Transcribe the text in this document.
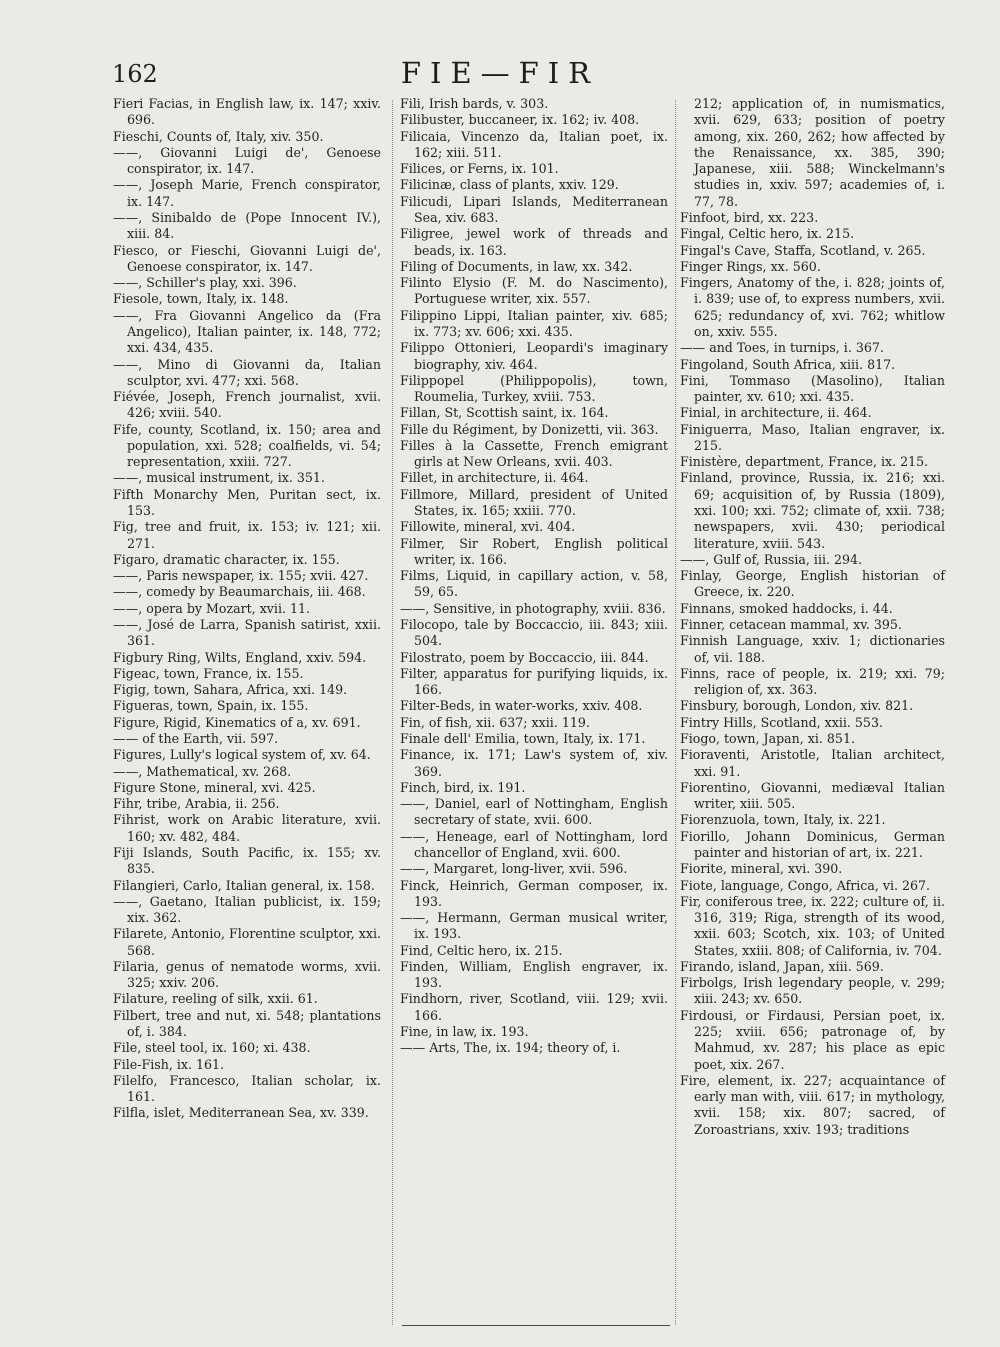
162	FIE—FIR

Fieri Facias, in English law, ix. 147; xxiv. 696.

Fieschi, Counts of, Italy, xiv. 350.

——, Giovanni Luigi de', Genoese conspirator, ix. 147.

——, Joseph Marie, French conspirator, ix. 147.

——, Sinibaldo de (Pope Innocent IV.), xiii. 84.

Fiesco, or Fieschi, Giovanni Luigi de', Genoese conspirator, ix. 147.

——, Schiller's play, xxi. 396.

Fiesole, town, Italy, ix. 148.

——, Fra Giovanni Angelico da (Fra Angelico), Italian painter, ix. 148, 772; xxi. 434, 435.

——, Mino di Giovanni da, Italian sculptor, xvi. 477; xxi. 568.

Fiévée, Joseph, French journalist, xvii. 426; xviii. 540.

Fife, county, Scotland, ix. 150; area and population, xxi. 528; coalfields, vi. 54; representation, xxiii. 727.

——, musical instrument, ix. 351.

Fifth Monarchy Men, Puritan sect, ix. 153.

Fig, tree and fruit, ix. 153; iv. 121; xii. 271.

Figaro, dramatic character, ix. 155.

——, Paris newspaper, ix. 155; xvii. 427.

——, comedy by Beaumarchais, iii. 468.

——, opera by Mozart, xvii. 11.

——, José de Larra, Spanish satirist, xxii. 361.

Figbury Ring, Wilts, England, xxiv. 594.

Figeac, town, France, ix. 155.

Figig, town, Sahara, Africa, xxi. 149.

Figueras, town, Spain, ix. 155.

Figure, Rigid, Kinematics of a, xv. 691.

—— of the Earth, vii. 597.

Figures, Lully's logical system of, xv. 64.

——, Mathematical, xv. 268.

Figure Stone, mineral, xvi. 425.

Fihr, tribe, Arabia, ii. 256.

Fihrist, work on Arabic literature, xvii. 160; xv. 482, 484.

Fiji Islands, South Pacific, ix. 155; xv. 835.

Filangieri, Carlo, Italian general, ix. 158.

——, Gaetano, Italian publicist, ix. 159; xix. 362.

Filarete, Antonio, Florentine sculptor, xxi. 568.

Filaria, genus of nematode worms, xvii. 325; xxiv. 206.

Filature, reeling of silk, xxii. 61.

Filbert, tree and nut, xi. 548; plantations of, i. 384.

File, steel tool, ix. 160; xi. 438.

File-Fish, ix. 161.

Filelfo, Francesco, Italian scholar, ix. 161.

Filfla, islet, Mediterranean Sea, xv. 339.

Fili, Irish bards, v. 303.

Filibuster, buccaneer, ix. 162; iv. 408.

Filicaia, Vincenzo da, Italian poet, ix. 162; xiii. 511.

Filices, or Ferns, ix. 101.

Filicinæ, class of plants, xxiv. 129.

Filicudi, Lipari Islands, Mediterranean Sea, xiv. 683.

Filigree, jewel work of threads and beads, ix. 163.

Filing of Documents, in law, xx. 342.

Filinto Elysio (F. M. do Nascimento), Portuguese writer, xix. 557.

Filippino Lippi, Italian painter, xiv. 685; ix. 773; xv. 606; xxi. 435.

Filippo Ottonieri, Leopardi's imaginary biography, xiv. 464.

Filippopel (Philippopolis), town, Roumelia, Turkey, xviii. 753.

Fillan, St, Scottish saint, ix. 164.

Fille du Régiment, by Donizetti, vii. 363.

Filles à la Cassette, French emigrant girls at New Orleans, xvii. 403.

Fillet, in architecture, ii. 464.

Fillmore, Millard, president of United States, ix. 165; xxiii. 770.

Fillowite, mineral, xvi. 404.

Filmer, Sir Robert, English political writer, ix. 166.

Films, Liquid, in capillary action, v. 58, 59, 65.

——, Sensitive, in photography, xviii. 836.

Filocopo, tale by Boccaccio, iii. 843; xiii. 504.

Filostrato, poem by Boccaccio, iii. 844.

Filter, apparatus for purifying liquids, ix. 166.

Filter-Beds, in water-works, xxiv. 408.

Fin, of fish, xii. 637; xxii. 119.

Finale dell' Emilia, town, Italy, ix. 171.

Finance, ix. 171; Law's system of, xiv. 369.

Finch, bird, ix. 191.

——, Daniel, earl of Nottingham, English secretary of state, xvii. 600.

——, Heneage, earl of Nottingham, lord chancellor of England, xvii. 600.

——, Margaret, long-liver, xvii. 596.

Finck, Heinrich, German composer, ix. 193.

——, Hermann, German musical writer, ix. 193.

Find, Celtic hero, ix. 215.

Finden, William, English engraver, ix. 193.

Findhorn, river, Scotland, viii. 129; xvii. 166.

Fine, in law, ix. 193.

—— Arts, The, ix. 194; theory of, i.

212; application of, in numismatics, xvii. 629, 633; position of poetry among, xix. 260, 262; how affected by the Renaissance, xx. 385, 390; Japanese, xiii. 588; Winckelmann's studies in, xxiv. 597; academies of, i. 77, 78.

Finfoot, bird, xx. 223.

Fingal, Celtic hero, ix. 215.

Fingal's Cave, Staffa, Scotland, v. 265.

Finger Rings, xx. 560.

Fingers, Anatomy of the, i. 828; joints of, i. 839; use of, to express numbers, xvii. 625; redundancy of, xvi. 762; whitlow on, xxiv. 555.

—— and Toes, in turnips, i. 367.

Fingoland, South Africa, xiii. 817.

Fini, Tommaso (Masolino), Italian painter, xv. 610; xxi. 435.

Finial, in architecture, ii. 464.

Finiguerra, Maso, Italian engraver, ix. 215.

Finistère, department, France, ix. 215.

Finland, province, Russia, ix. 216; xxi. 69; acquisition of, by Russia (1809), xxi. 100; xxi. 752; climate of, xxii. 738; newspapers, xvii. 430; periodical literature, xviii. 543.

——, Gulf of, Russia, iii. 294.

Finlay, George, English historian of Greece, ix. 220.

Finnans, smoked haddocks, i. 44.

Finner, cetacean mammal, xv. 395.

Finnish Language, xxiv. 1; dictionaries of, vii. 188.

Finns, race of people, ix. 219; xxi. 79; religion of, xx. 363.

Finsbury, borough, London, xiv. 821.

Fintry Hills, Scotland, xxii. 553.

Fiogo, town, Japan, xi. 851.

Fioraventi, Aristotle, Italian architect, xxi. 91.

Fiorentino, Giovanni, mediæval Italian writer, xiii. 505.

Fiorenzuola, town, Italy, ix. 221.

Fiorillo, Johann Dominicus, German painter and historian of art, ix. 221.

Fiorite, mineral, xvi. 390.

Fiote, language, Congo, Africa, vi. 267.

Fir, coniferous tree, ix. 222; culture of, ii. 316, 319; Riga, strength of its wood, xxii. 603; Scotch, xix. 103; of United States, xxiii. 808; of California, iv. 704.

Firando, island, Japan, xiii. 569.

Firbolgs, Irish legendary people, v. 299; xiii. 243; xv. 650.

Firdousi, or Firdausi, Persian poet, ix. 225; xviii. 656; patronage of, by Mahmud, xv. 287; his place as epic poet, xix. 267.

Fire, element, ix. 227; acquaintance of early man with, viii. 617; in mythology, xvii. 158; xix. 807; sacred, of Zoroastrians, xxiv. 193; traditions
